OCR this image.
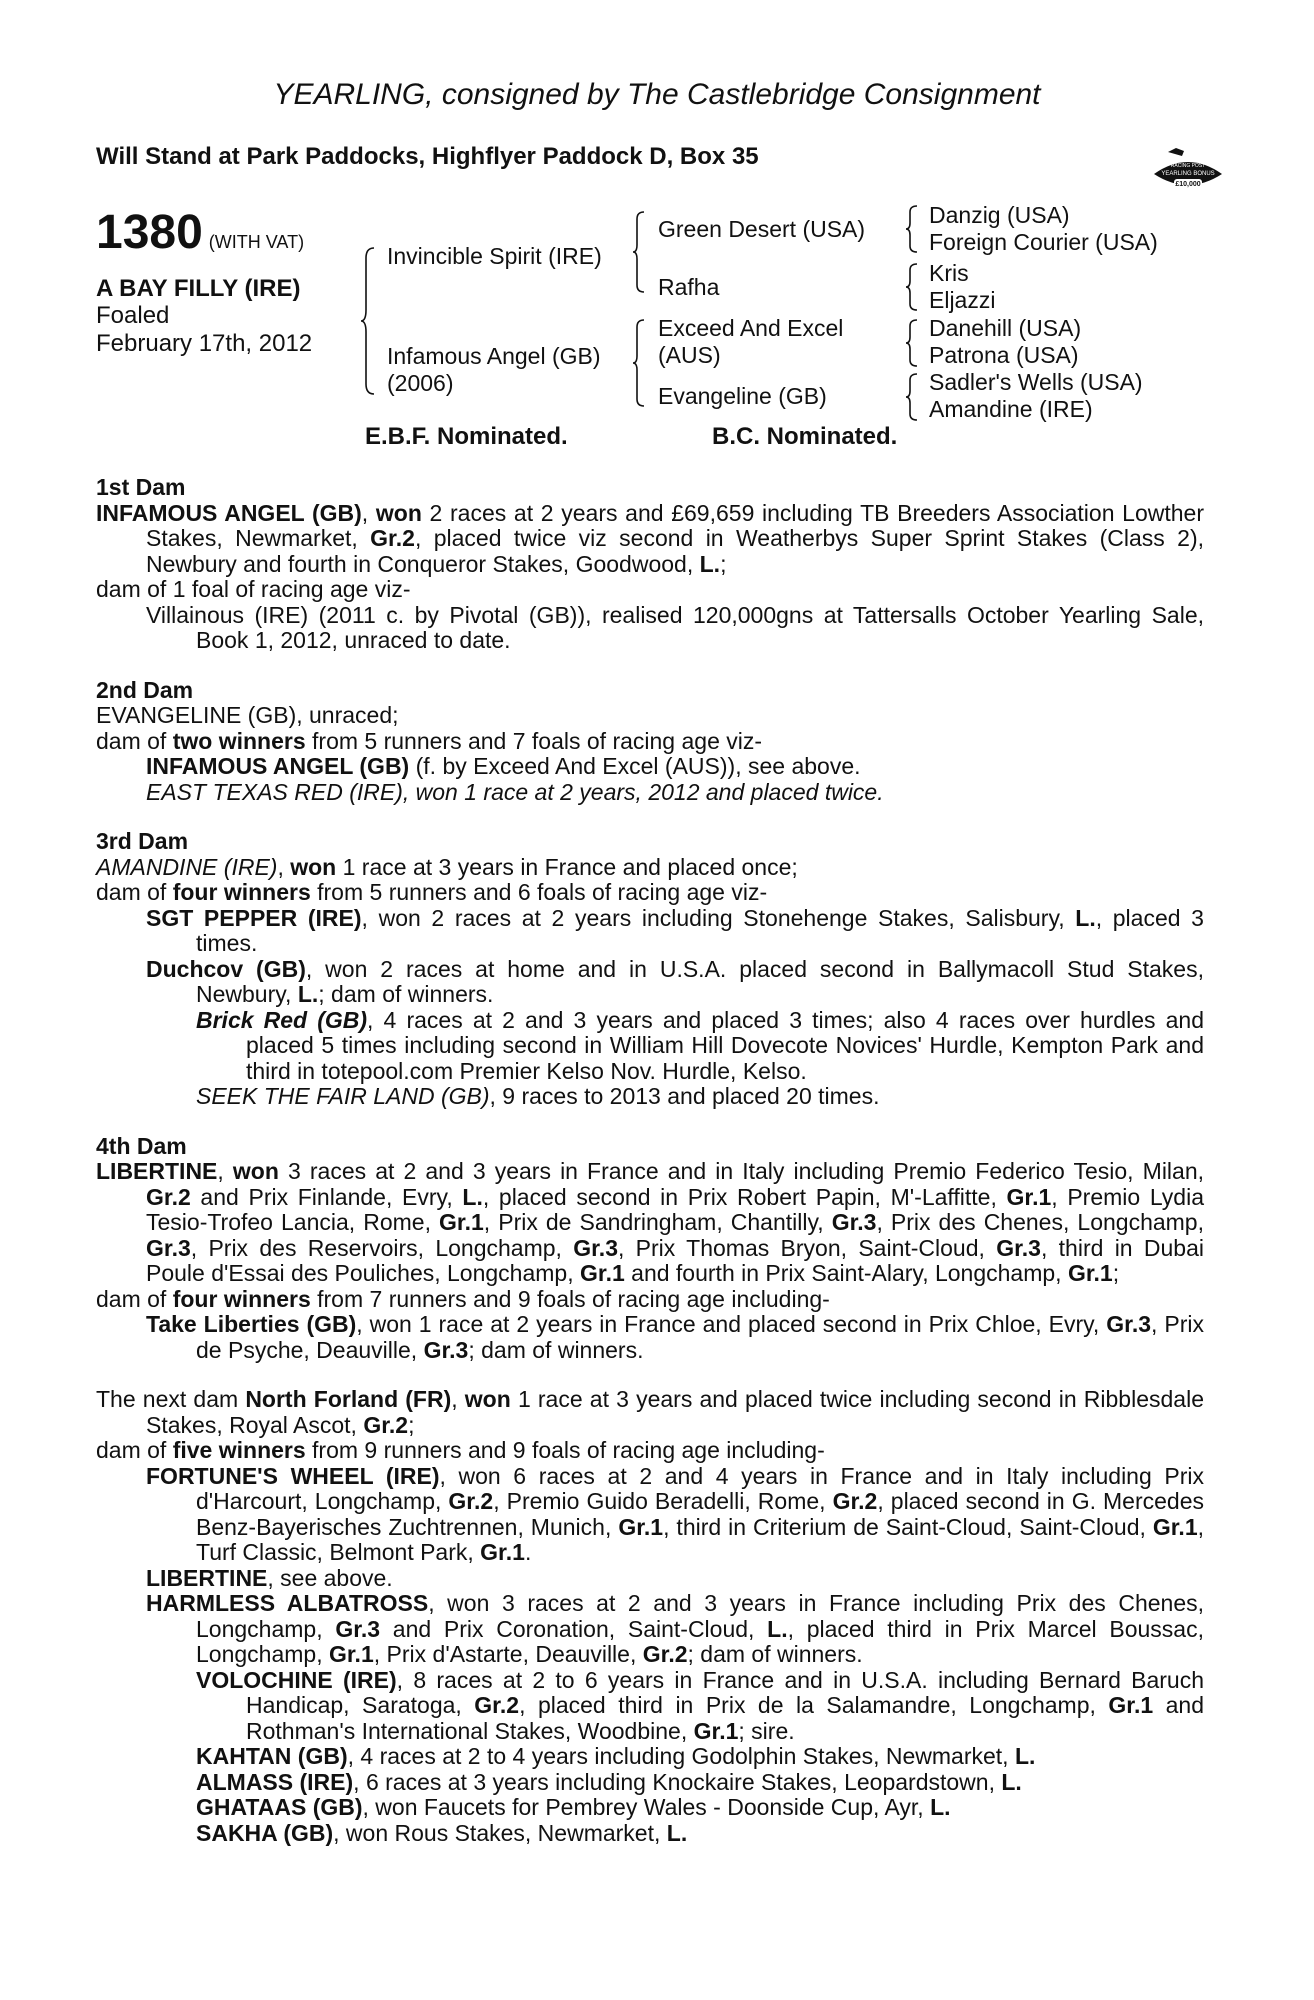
YEARLING, consigned by The Castlebridge Consignment
Will Stand at Park Paddocks, Highflyer Paddock D, Box 35	RACING POST
YEARLING BONUS
£10,000
1380 (WITH VAT)
A BAY FILLY (IRE)
Foaled
February 17th, 2012
Invincible Spirit (IRE)
Infamous Angel (GB)
(2006)
Green Desert (USA)
Rafha
Exceed And Excel
(AUS)
Evangeline (GB)
Danzig (USA)
Foreign Courier (USA)
Kris
Eljazzi
Danehill (USA)
Patrona (USA)
Sadler's Wells (USA)
Amandine (IRE)
E.B.F. Nominated.	B.C. Nominated.

1st Dam

INFAMOUS ANGEL (GB), won 2 races at 2 years and £69,659 including TB Breeders Association Lowther Stakes, Newmarket, Gr.2, placed twice viz second in Weatherbys Super Sprint Stakes (Class 2), Newbury and fourth in Conqueror Stakes, Goodwood, L.;

dam of 1 foal of racing age viz-

Villainous (IRE) (2011 c. by Pivotal (GB)), realised 120,000gns at Tattersalls October Yearling Sale, Book 1, 2012, unraced to date.

2nd Dam

EVANGELINE (GB), unraced;

dam of two winners from 5 runners and 7 foals of racing age viz-

INFAMOUS ANGEL (GB) (f. by Exceed And Excel (AUS)), see above.

EAST TEXAS RED (IRE), won 1 race at 2 years, 2012 and placed twice.

3rd Dam

AMANDINE (IRE), won 1 race at 3 years in France and placed once;

dam of four winners from 5 runners and 6 foals of racing age viz-

SGT PEPPER (IRE), won 2 races at 2 years including Stonehenge Stakes, Salisbury, L., placed 3 times.

Duchcov (GB), won 2 races at home and in U.S.A. placed second in Ballymacoll Stud Stakes, Newbury, L.; dam of winners.

Brick Red (GB), 4 races at 2 and 3 years and placed 3 times; also 4 races over hurdles and placed 5 times including second in William Hill Dovecote Novices' Hurdle, Kempton Park and third in totepool.com Premier Kelso Nov. Hurdle, Kelso.

SEEK THE FAIR LAND (GB), 9 races to 2013 and placed 20 times.

4th Dam

LIBERTINE, won 3 races at 2 and 3 years in France and in Italy including Premio Federico Tesio, Milan, Gr.2 and Prix Finlande, Evry, L., placed second in Prix Robert Papin, M'-Laffitte, Gr.1, Premio Lydia Tesio-Trofeo Lancia, Rome, Gr.1, Prix de Sandringham, Chantilly, Gr.3, Prix des Chenes, Longchamp, Gr.3, Prix des Reservoirs, Longchamp, Gr.3, Prix Thomas Bryon, Saint-Cloud, Gr.3, third in Dubai Poule d'Essai des Pouliches, Longchamp, Gr.1 and fourth in Prix Saint-Alary, Longchamp, Gr.1;

dam of four winners from 7 runners and 9 foals of racing age including-

Take Liberties (GB), won 1 race at 2 years in France and placed second in Prix Chloe, Evry, Gr.3, Prix de Psyche, Deauville, Gr.3; dam of winners.

The next dam North Forland (FR), won 1 race at 3 years and placed twice including second in Ribblesdale Stakes, Royal Ascot, Gr.2;

dam of five winners from 9 runners and 9 foals of racing age including-

FORTUNE'S WHEEL (IRE), won 6 races at 2 and 4 years in France and in Italy including Prix d'Harcourt, Longchamp, Gr.2, Premio Guido Beradelli, Rome, Gr.2, placed second in G. Mercedes Benz-Bayerisches Zuchtrennen, Munich, Gr.1, third in Criterium de Saint-Cloud, Saint-Cloud, Gr.1, Turf Classic, Belmont Park, Gr.1.

LIBERTINE, see above.

HARMLESS ALBATROSS, won 3 races at 2 and 3 years in France including Prix des Chenes, Longchamp, Gr.3 and Prix Coronation, Saint-Cloud, L., placed third in Prix Marcel Boussac, Longchamp, Gr.1, Prix d'Astarte, Deauville, Gr.2; dam of winners.

VOLOCHINE (IRE), 8 races at 2 to 6 years in France and in U.S.A. including Bernard Baruch Handicap, Saratoga, Gr.2, placed third in Prix de la Salamandre, Longchamp, Gr.1 and Rothman's International Stakes, Woodbine, Gr.1; sire.

KAHTAN (GB), 4 races at 2 to 4 years including Godolphin Stakes, Newmarket, L.

ALMASS (IRE), 6 races at 3 years including Knockaire Stakes, Leopardstown, L.

GHATAAS (GB), won Faucets for Pembrey Wales - Doonside Cup, Ayr, L.

SAKHA (GB), won Rous Stakes, Newmarket, L.
